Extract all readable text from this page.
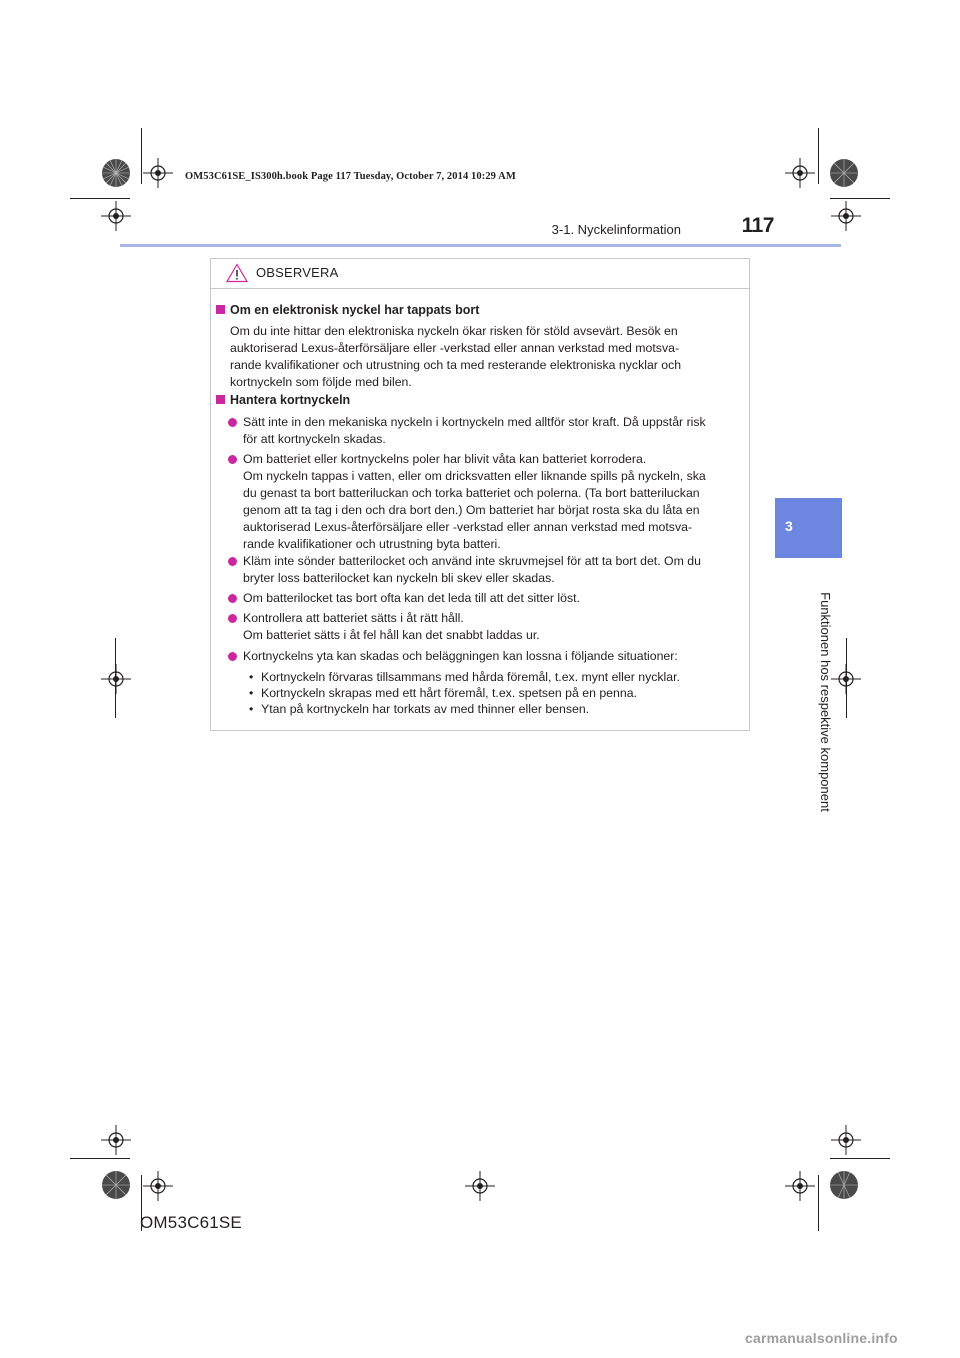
OM53C61SE_IS300h.book Page 117 Tuesday, October 7, 2014 10:29 AM
3-1. Nyckelinformation	117
3
Funktionen hos respektive komponent
OBSERVERA
Om en elektronisk nyckel har tappats bort
Om du inte hittar den elektroniska nyckeln ökar risken för stöld avsevärt. Besök en
auktoriserad Lexus-återförsäljare eller -verkstad eller annan verkstad med motsva-
rande kvalifikationer och utrustning och ta med resterande elektroniska nycklar och
kortnyckeln som följde med bilen.
Hantera kortnyckeln
Sätt inte in den mekaniska nyckeln i kortnyckeln med alltför stor kraft. Då uppstår risk
för att kortnyckeln skadas.
Om batteriet eller kortnyckelns poler har blivit våta kan batteriet korrodera.
Om nyckeln tappas i vatten, eller om dricksvatten eller liknande spills på nyckeln, ska
du genast ta bort batteriluckan och torka batteriet och polerna. (Ta bort batteriluckan
genom att ta tag i den och dra bort den.) Om batteriet har börjat rosta ska du låta en
auktoriserad Lexus-återförsäljare eller -verkstad eller annan verkstad med motsva-
rande kvalifikationer och utrustning byta batteri.
Kläm inte sönder batterilocket och använd inte skruvmejsel för att ta bort det. Om du
bryter loss batterilocket kan nyckeln bli skev eller skadas.
Om batterilocket tas bort ofta kan det leda till att det sitter löst.
Kontrollera att batteriet sätts i åt rätt håll.
Om batteriet sätts i åt fel håll kan det snabbt laddas ur.
Kortnyckelns yta kan skadas och beläggningen kan lossna i följande situationer:
• Kortnyckeln förvaras tillsammans med hårda föremål, t.ex. mynt eller nycklar.
• Kortnyckeln skrapas med ett hårt föremål, t.ex. spetsen på en penna.
• Ytan på kortnyckeln har torkats av med thinner eller bensen.
OM53C61SE
carmanualsonline.info
